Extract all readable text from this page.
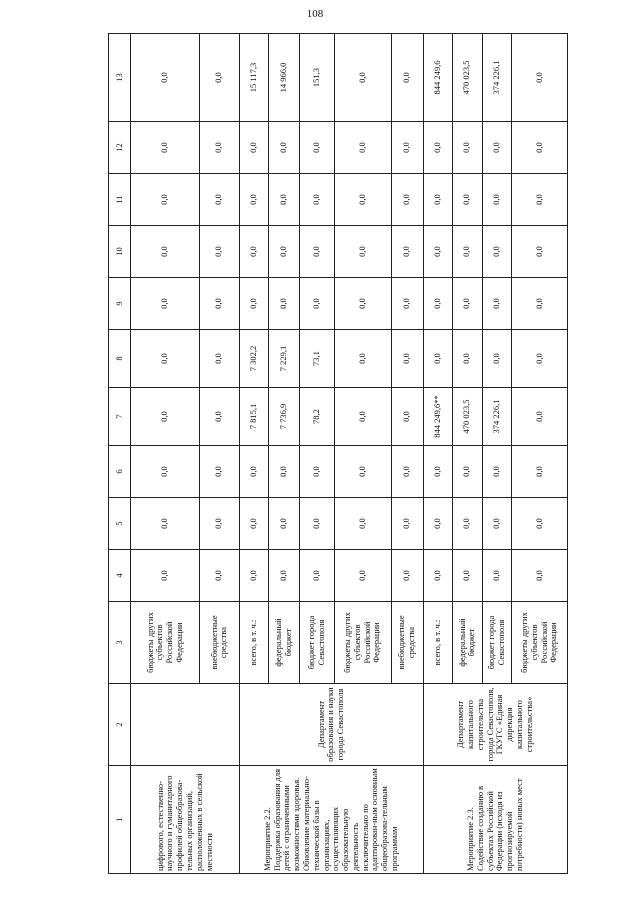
108
1	2	3	4	5	6	7	8	9	10	11	12	13
цифрового, естественно-научного и гуманитарного профилей общеобразова-тельных организаций, расположенных в сельской местности		бюджеты других субъектов Российской Федерации	0,0	0,0	0,0	0,0	0,0	0,0	0,0	0,0	0,0	0,0
		внебюджетные средства	0,0	0,0	0,0	0,0	0,0	0,0	0,0	0,0	0,0	0,0
Мероприятие 2.2. Поддержка образования для детей с ограниченными возможностями здоровья. Обновление материально-технической базы в организациях, осуществляющих образовательную деятельность исключительно по адаптирован-ным основным общеобразова-тельным программам	Департамент образования и науки города Севастополя	всего, в т. ч.:	0,0	0,0	0,0	7 815,1	7 302,2	0,0	0,0	0,0	0,0	15 117,3
		федеральный бюджет	0,0	0,0	0,0	7 736,9	7 229,1	0,0	0,0	0,0	0,0	14 966,0
		бюджет города Севастополя	0,0	0,0	0,0	78,2	73,1	0,0	0,0	0,0	0,0	151,3
		бюджеты других субъектов Российской Федерации	0,0	0,0	0,0	0,0	0,0	0,0	0,0	0,0	0,0	0,0
		внебюджетные средства	0,0	0,0	0,0	0,0	0,0	0,0	0,0	0,0	0,0	0,0
Мероприятие 2.3. Содействие созданию в субъектах Российской Федерации (исходя из прогнозируемой потребности) новых мест	Департамент капитального строительства города Севастополя, ГКУГС «Единая дирекция капитального строительства»	всего, в т. ч.:	0,0	0,0	0,0	844 249,6**	0,0	0,0	0,0	0,0	0,0	844 249,6
		федеральный бюджет	0,0	0,0	0,0	470 023,5	0,0	0,0	0,0	0,0	0,0	470 023,5
		бюджет города Севастополя	0,0	0,0	0,0	374 226,1	0,0	0,0	0,0	0,0	0,0	374 226,1
		бюджеты других субъектов Российской Федерации	0,0	0,0	0,0	0,0	0,0	0,0	0,0	0,0	0,0	0,0
